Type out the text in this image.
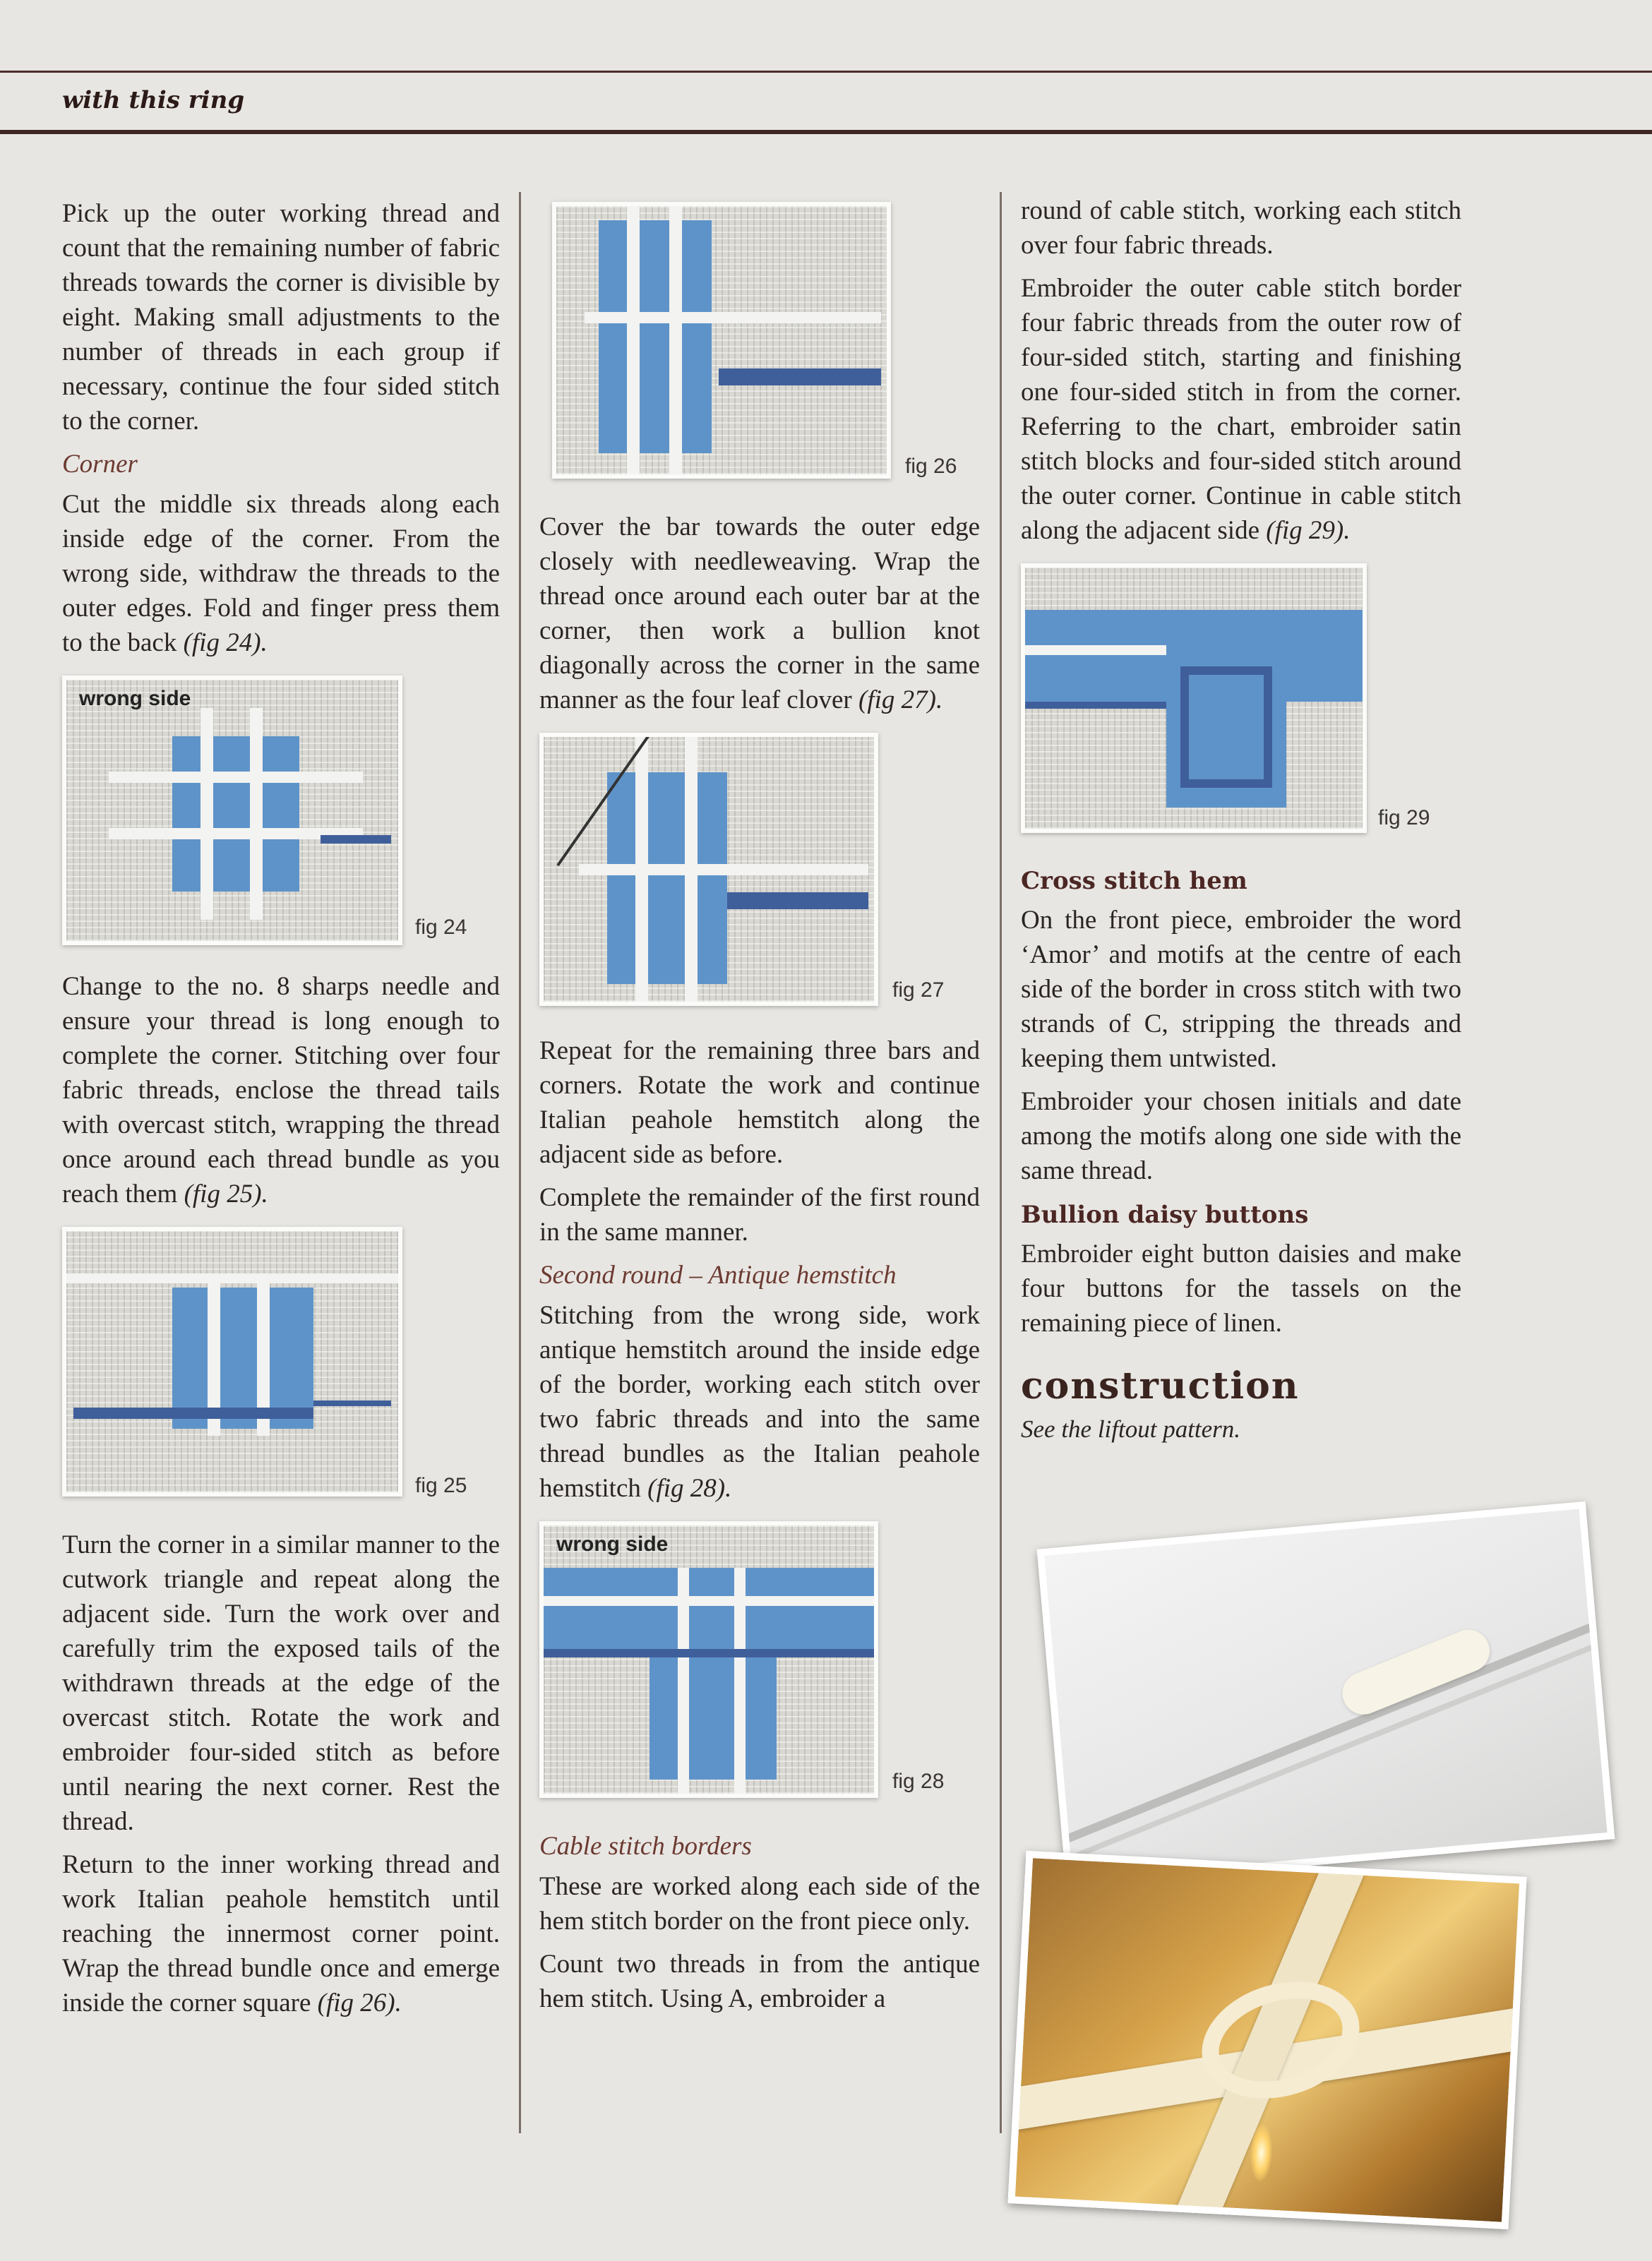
with this ring

Pick up the outer working thread and count that the remaining number of fabric threads towards the corner is divisible by eight. Making small adjustments to the number of threads in each group if necessary, continue the four sided stitch to the corner.

Corner

Cut the middle six threads along each inside edge of the corner. From the wrong side, withdraw the threads to the outer edges. Fold and finger press them to the back (fig 24).

wrong side
fig 24

Change to the no. 8 sharps needle and ensure your thread is long enough to complete the corner. Stitching over four fabric threads, enclose the thread tails with overcast stitch, wrapping the thread once around each thread bundle as you reach them (fig 25).

fig 25

Turn the corner in a similar manner to the cutwork triangle and repeat along the adjacent side. Turn the work over and carefully trim the exposed tails of the withdrawn threads at the edge of the overcast stitch. Rotate the work and embroider four-sided stitch as before until nearing the next corner. Rest the thread.

Return to the inner working thread and work Italian peahole hemstitch until reaching the innermost corner point. Wrap the thread bundle once and emerge inside the corner square (fig 26).

fig 26

Cover the bar towards the outer edge closely with needleweaving. Wrap the thread once around each outer bar at the corner, then work a bullion knot diagonally across the corner in the same manner as the four leaf clover (fig 27).

fig 27

Repeat for the remaining three bars and corners. Rotate the work and continue Italian peahole hemstitch along the adjacent side as before.

Complete the remainder of the first round in the same manner.

Second round – Antique hemstitch

Stitching from the wrong side, work antique hemstitch around the inside edge of the border, working each stitch over two fabric threads and into the same thread bundles as the Italian peahole hemstitch (fig 28).

wrong side
fig 28
Cable stitch borders

These are worked along each side of the hem stitch border on the front piece only.

Count two threads in from the antique hem stitch. Using A, embroider a

round of cable stitch, working each stitch over four fabric threads.

Embroider the outer cable stitch border four fabric threads from the outer row of four-sided stitch, starting and finishing one four-sided stitch in from the corner. Referring to the chart, embroider satin stitch blocks and four-sided stitch around the outer corner. Continue in cable stitch along the adjacent side (fig 29).

fig 29
Cross stitch hem

On the front piece, embroider the word ‘Amor’ and motifs at the centre of each side of the border in cross stitch with two strands of C, stripping the threads and keeping them untwisted.

Embroider your chosen initials and date among the motifs along one side with the same thread.

Bullion daisy buttons

Embroider eight button daisies and make four buttons for the tassels on the remaining piece of linen.

construction
See the liftout pattern.
